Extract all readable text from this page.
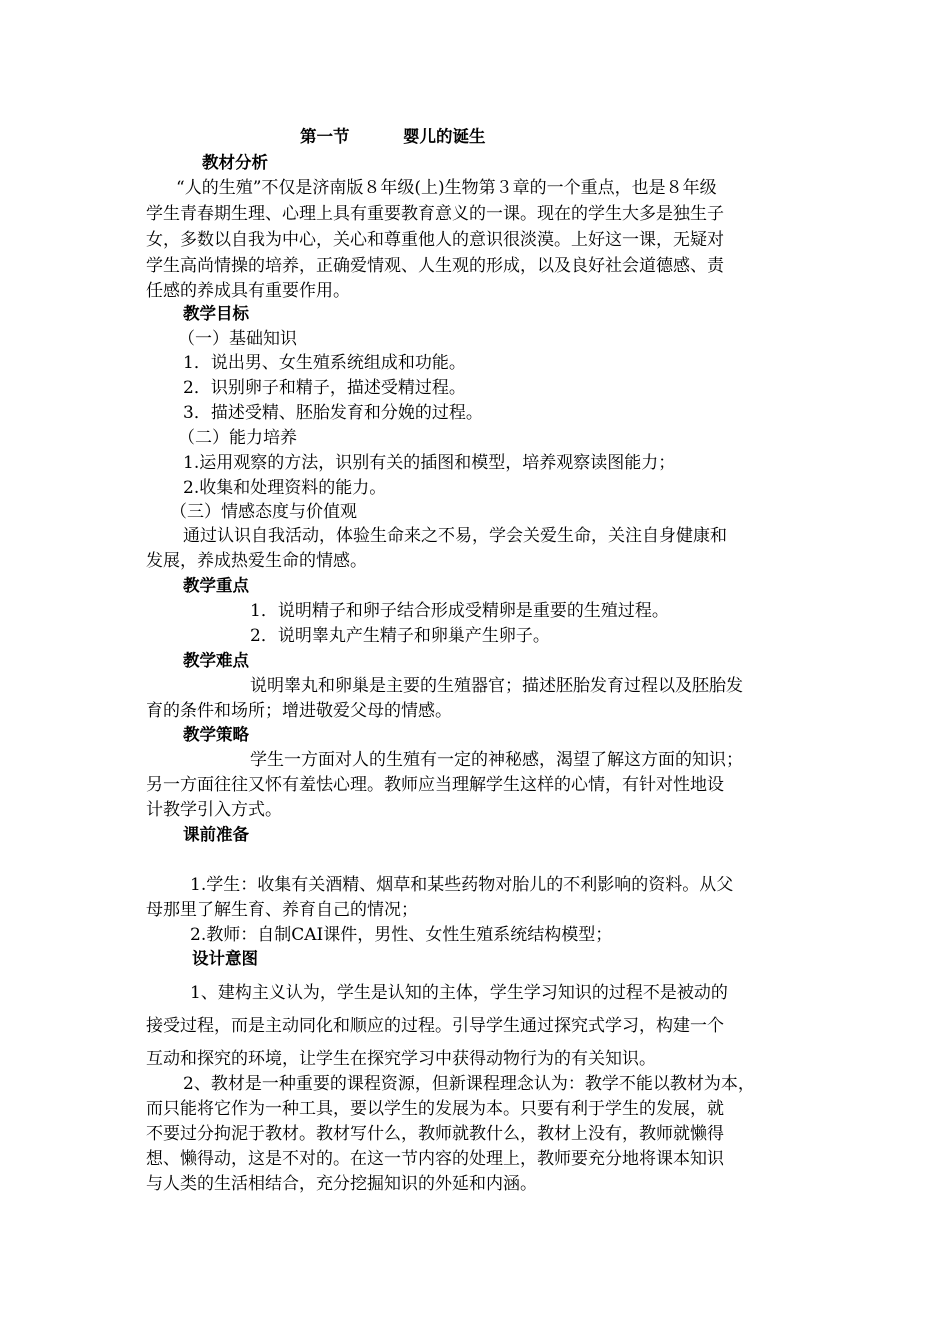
第一节	婴儿的诞生
教材分析
“人的生殖”不仅是济南版８年级(上)生物第３章的一个重点，也是８年级
学生青春期生理、心理上具有重要教育意义的一课。现在的学生大多是独生子
女，多数以自我为中心，关心和尊重他人的意识很淡漠。上好这一课，无疑对
学生高尚情操的培养，正确爱情观、人生观的形成，以及良好社会道德感、责
任感的养成具有重要作用。
教学目标
（一）基础知识
1．说出男、女生殖系统组成和功能。
2．识别卵子和精子，描述受精过程。
3．描述受精、胚胎发育和分娩的过程。
（二）能力培养
1.运用观察的方法，识别有关的插图和模型，培养观察读图能力；
2.收集和处理资料的能力。
（三）情感态度与价值观
通过认识自我活动，体验生命来之不易，学会关爱生命，关注自身健康和
发展，养成热爱生命的情感。
教学重点
1．说明精子和卵子结合形成受精卵是重要的生殖过程。
2．说明睾丸产生精子和卵巢产生卵子。
教学难点
说明睾丸和卵巢是主要的生殖器官；描述胚胎发育过程以及胚胎发
育的条件和场所；增进敬爱父母的情感。
教学策略
学生一方面对人的生殖有一定的神秘感，渴望了解这方面的知识；
另一方面往往又怀有羞怯心理。教师应当理解学生这样的心情，有针对性地设
计教学引入方式。
课前准备
1.学生：收集有关酒精、烟草和某些药物对胎儿的不利影响的资料。从父
母那里了解生育、养育自己的情况；
2.教师：自制CAI课件，男性、女性生殖系统结构模型；
设计意图
1、建构主义认为，学生是认知的主体，学生学习知识的过程不是被动的
接受过程，而是主动同化和顺应的过程。引导学生通过探究式学习，构建一个
互动和探究的环境，让学生在探究学习中获得动物行为的有关知识。
2、教材是一种重要的课程资源，但新课程理念认为：教学不能以教材为本，
而只能将它作为一种工具，要以学生的发展为本。只要有利于学生的发展，就
不要过分拘泥于教材。教材写什么，教师就教什么，教材上没有，教师就懒得
想、懒得动，这是不对的。在这一节内容的处理上，教师要充分地将课本知识
与人类的生活相结合，充分挖掘知识的外延和内涵。
